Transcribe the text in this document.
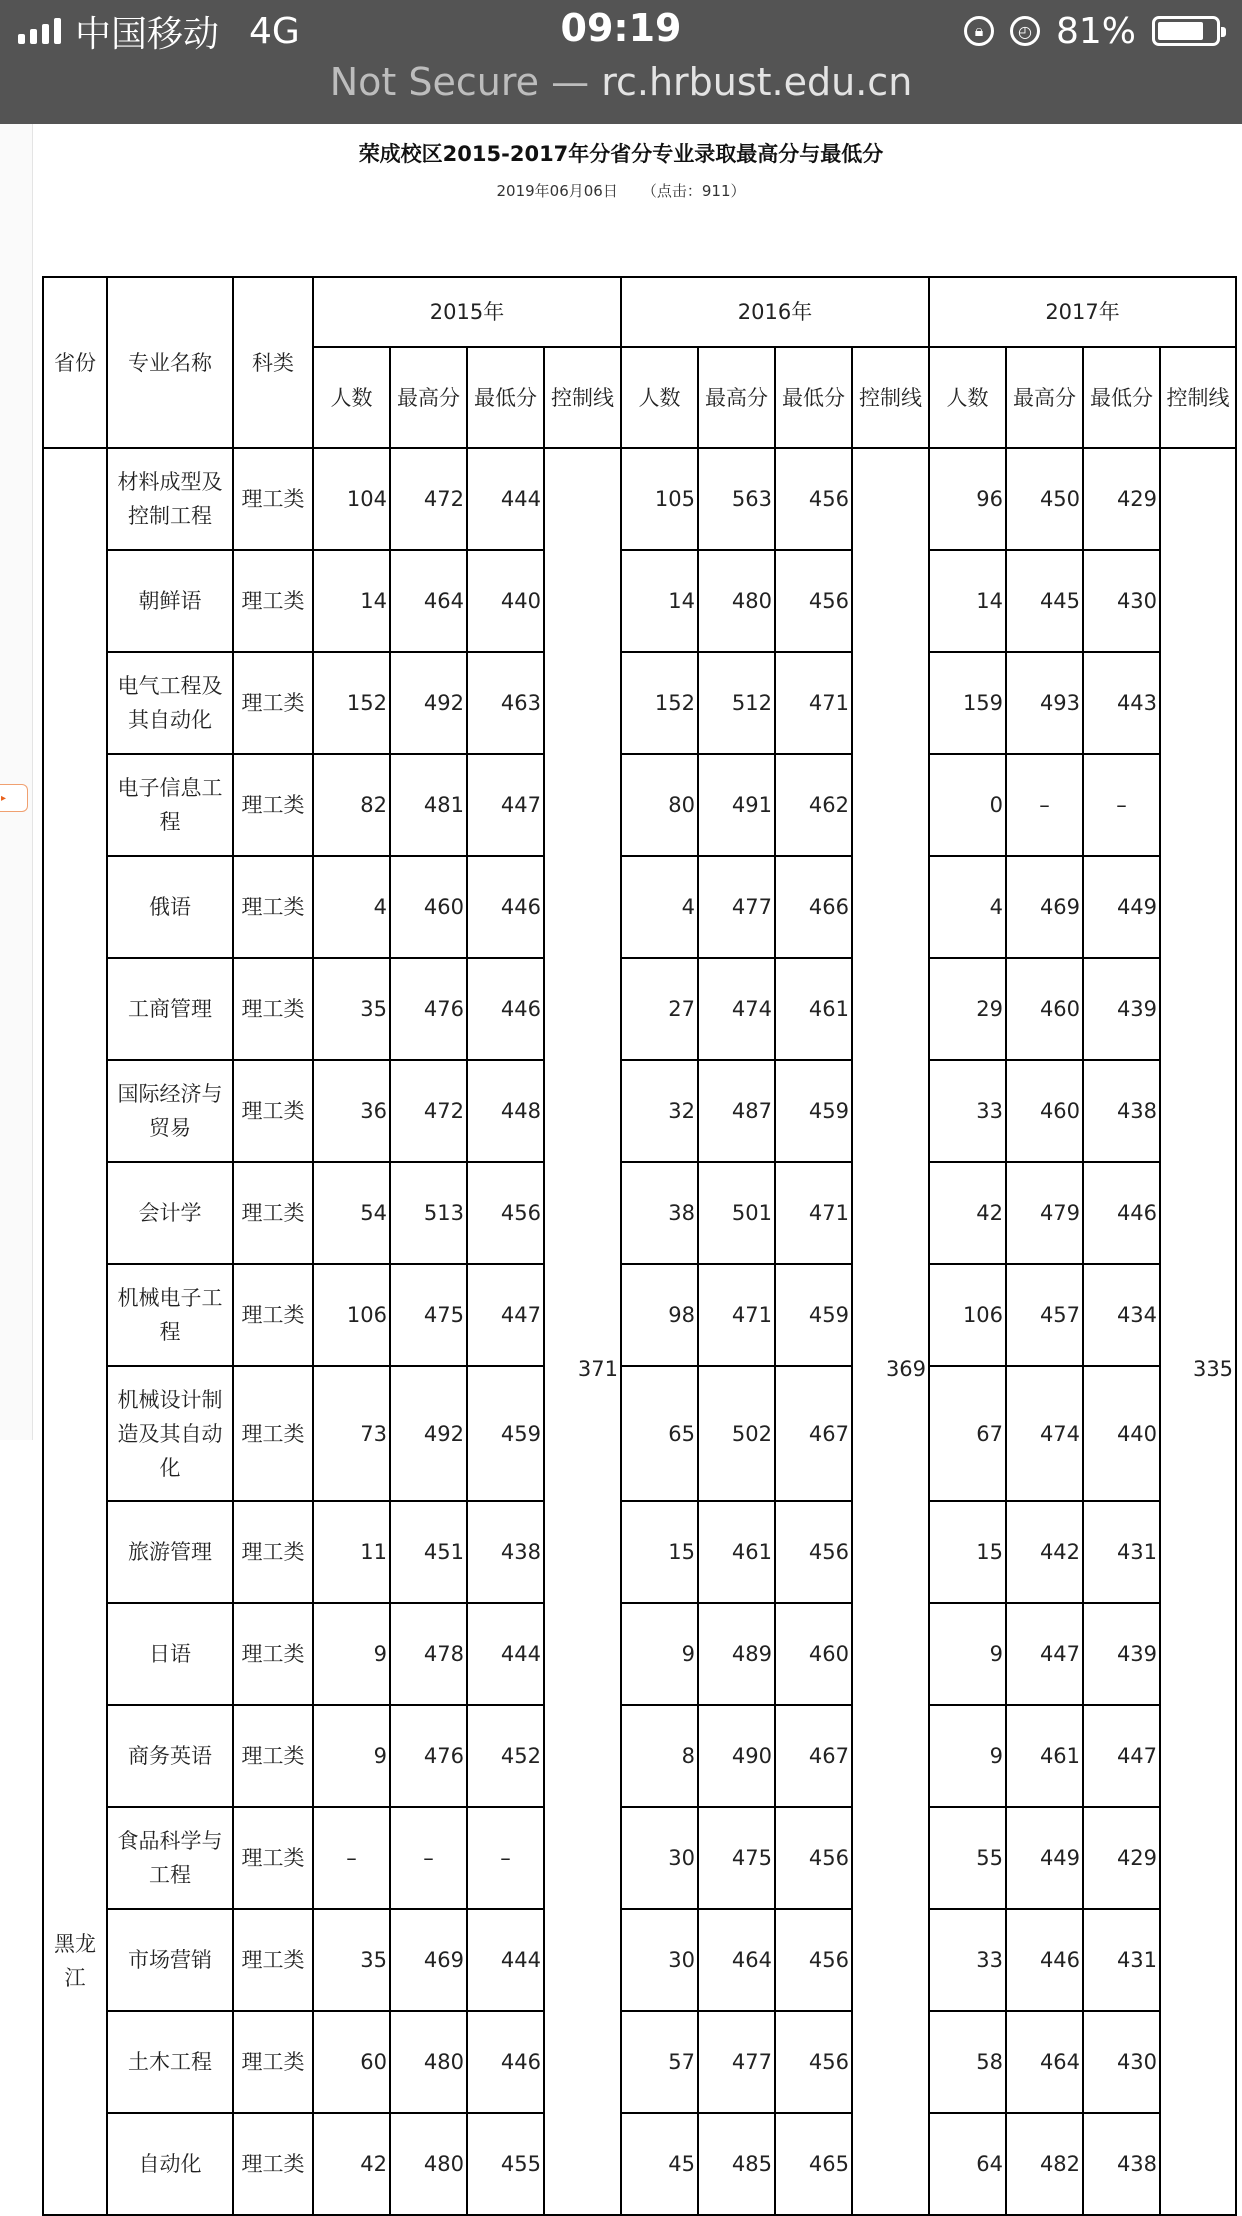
中国移动 4G	09:19	🔒︎	◴ 81%
Not Secure — rc.hrbust.edu.cn
▸
荣成校区2015-2017年分省分专业录取最高分与最低分
2019年06月06日 （点击：911）
省份	专业名称	科类	2015年				2016年				2017年			
			人数	最高分	最低分	控制线	人数	最高分	最低分	控制线	人数	最高分	最低分	控制线

黑龙江	材料成型及控制工程	理工类	104	472	444	371	105	563	456	369	96	450	429	335

	朝鲜语	理工类	14	464	440		14	480	456		14	445	430	
	电气工程及其自动化	理工类	152	492	463		152	512	471		159	493	443	
	电子信息工程	理工类	82	481	447		80	491	462		0	–	–	
	俄语	理工类	4	460	446		4	477	466		4	469	449	
	工商管理	理工类	35	476	446		27	474	461		29	460	439	
	国际经济与贸易	理工类	36	472	448		32	487	459		33	460	438	
	会计学	理工类	54	513	456		38	501	471		42	479	446	
	机械电子工程	理工类	106	475	447		98	471	459		106	457	434	
	机械设计制造及其自动化	理工类	73	492	459		65	502	467		67	474	440	
	旅游管理	理工类	11	451	438		15	461	456		15	442	431	
	日语	理工类	9	478	444		9	489	460		9	447	439	
	商务英语	理工类	9	476	452		8	490	467		9	461	447	
	食品科学与工程	理工类	–	–	–		30	475	456		55	449	429	
	市场营销	理工类	35	469	444		30	464	456		33	446	431	
	土木工程	理工类	60	480	446		57	477	456		58	464	430	
	自动化	理工类	42	480	455		45	485	465		64	482	438	
